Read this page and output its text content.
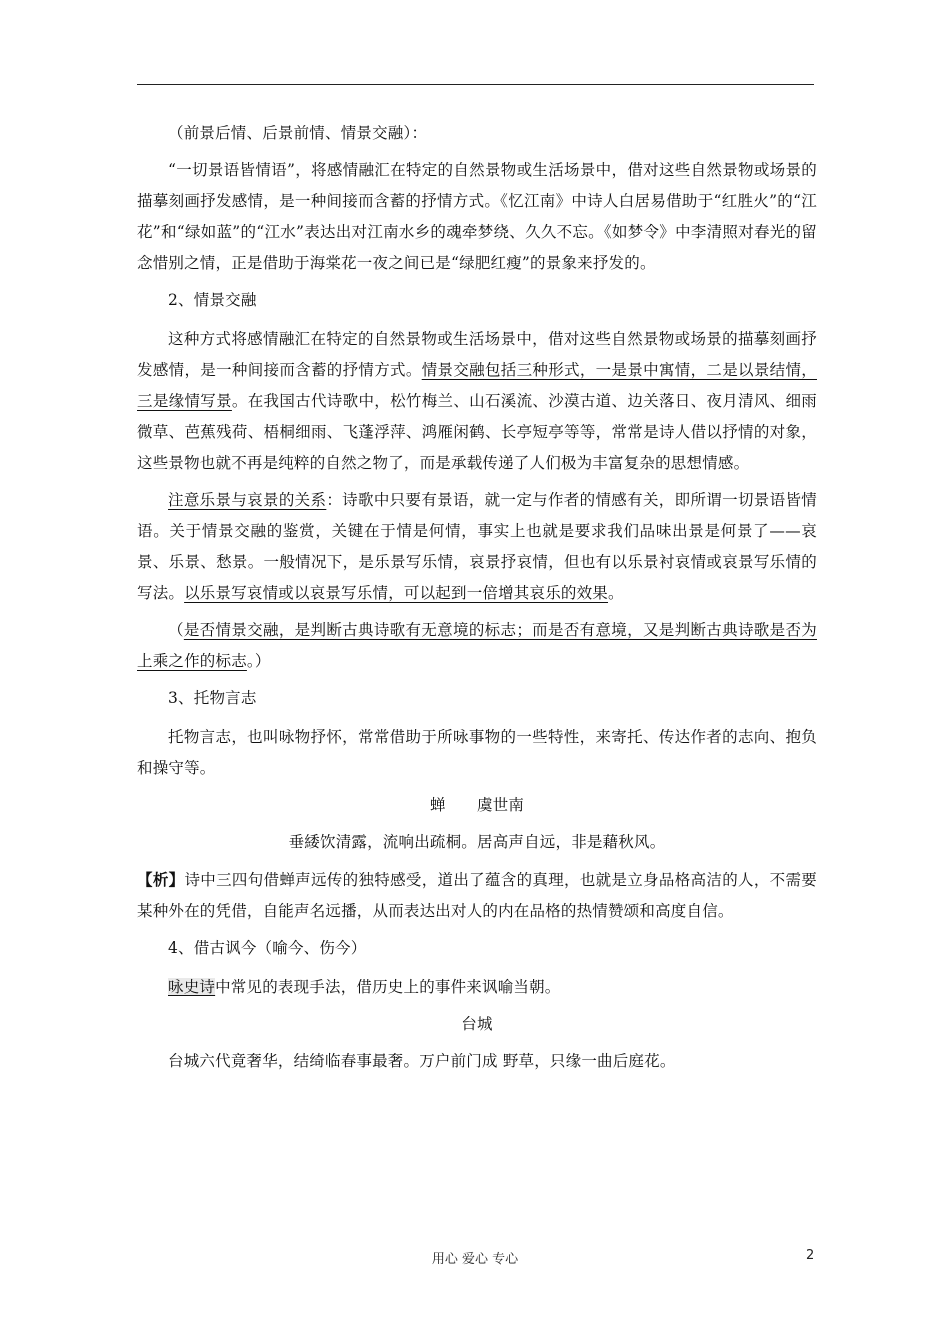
（前景后情、后景前情、情景交融）：

“一切景语皆情语”，将感情融汇在特定的自然景物或生活场景中，借对这些自然景物或场景的描摹刻画抒发感情，是一种间接而含蓄的抒情方式。《忆江南》中诗人白居易借助于“红胜火”的“江花”和“绿如蓝”的“江水”表达出对江南水乡的魂牵梦绕、久久不忘。《如梦令》中李清照对春光的留念惜别之情，正是借助于海棠花一夜之间已是“绿肥红瘦”的景象来抒发的。

2、情景交融

这种方式将感情融汇在特定的自然景物或生活场景中，借对这些自然景物或场景的描摹刻画抒发感情，是一种间接而含蓄的抒情方式。情景交融包括三种形式，一是景中寓情，二是以景结情，三是缘情写景。在我国古代诗歌中，松竹梅兰、山石溪流、沙漠古道、边关落日、夜月清风、细雨微草、芭蕉残荷、梧桐细雨、飞蓬浮萍、鸿雁闲鹤、长亭短亭等等，常常是诗人借以抒情的对象，这些景物也就不再是纯粹的自然之物了，而是承载传递了人们极为丰富复杂的思想情感。

注意乐景与哀景的关系：诗歌中只要有景语，就一定与作者的情感有关，即所谓一切景语皆情语。关于情景交融的鉴赏，关键在于情是何情，事实上也就是要求我们品味出景是何景了——哀景、乐景、愁景。一般情况下，是乐景写乐情，哀景抒哀情，但也有以乐景衬哀情或哀景写乐情的写法。以乐景写哀情或以哀景写乐情，可以起到一倍增其哀乐的效果。

（是否情景交融，是判断古典诗歌有无意境的标志；而是否有意境，又是判断古典诗歌是否为上乘之作的标志。）

3、托物言志

托物言志，也叫咏物抒怀，常常借助于所咏事物的一些特性，来寄托、传达作者的志向、抱负和操守等。

蝉　　虞世南

垂緌饮清露，流响出疏桐。居高声自远，非是藉秋风。

【析】诗中三四句借蝉声远传的独特感受，道出了蕴含的真理，也就是立身品格高洁的人，不需要某种外在的凭借，自能声名远播，从而表达出对人的内在品格的热情赞颂和高度自信。

4、借古讽今（喻今、伤今）

咏史诗中常见的表现手法，借历史上的事件来讽喻当朝。

台城

台城六代竟奢华，结绮临春事最奢。万户前门成 野草，只缘一曲后庭花。

用心 爱心 专心	2
